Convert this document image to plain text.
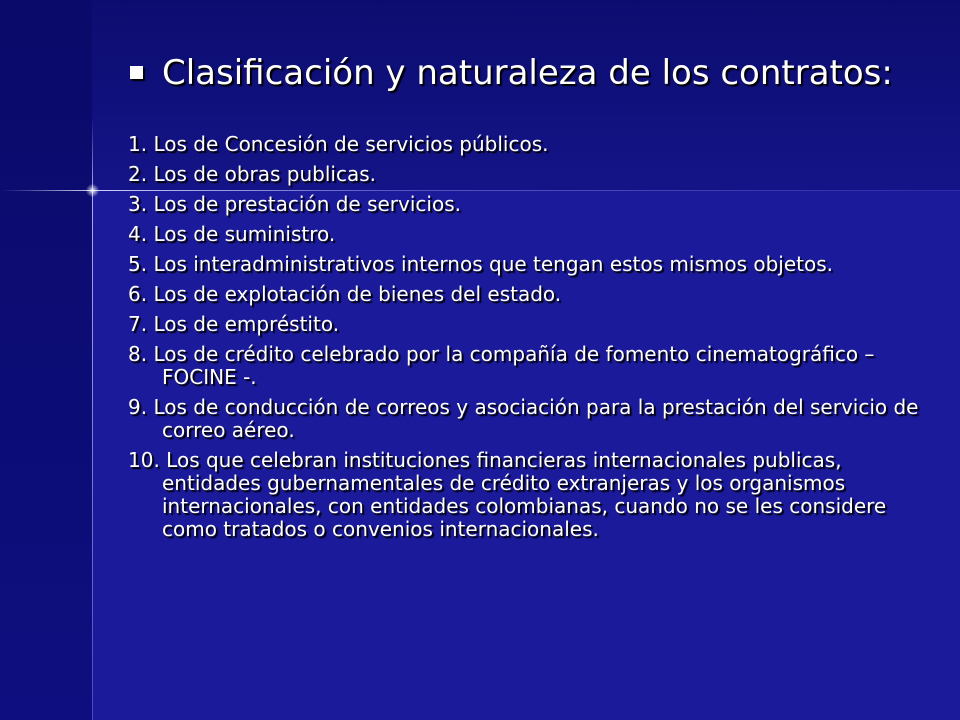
Clasificación y naturaleza de los contratos:
1. Los de Concesión de servicios públicos.
2. Los de obras publicas.
3. Los de prestación de servicios.
4. Los de suministro.
5. Los interadministrativos internos que tengan estos mismos objetos.
6. Los de explotación de bienes del estado.
7. Los de empréstito.
8. Los de crédito celebrado por la compañía de fomento cinematográfico –FOCINE -.
9. Los de conducción de correos y asociación para la prestación del servicio de correo aéreo.
10. Los que celebran instituciones financieras internacionales publicas, entidades gubernamentales de crédito extranjeras y los organismos internacionales, con entidades colombianas, cuando no se les considere como tratados o convenios internacionales.
